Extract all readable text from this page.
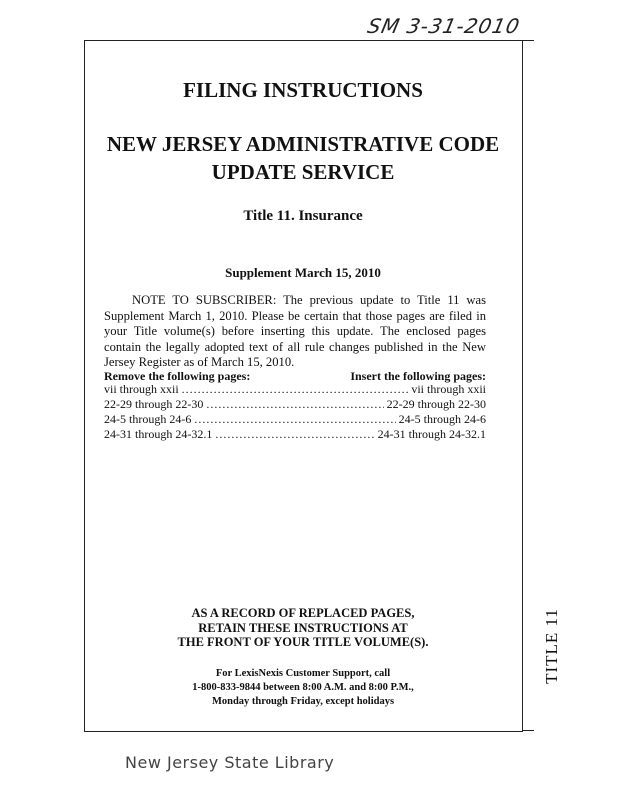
SM 3-31-2010
TITLE 11
FILING INSTRUCTIONS
NEW JERSEY ADMINISTRATIVE CODE
UPDATE SERVICE
Title 11. Insurance
Supplement March 15, 2010
NOTE TO SUBSCRIBER: The previous update to Title 11 was Supplement March 1, 2010. Please be certain that those pages are filed in your Title volume(s) before inserting this update. The enclosed pages contain the legally adopted text of all rule changes published in the New Jersey Register as of March 15, 2010.
Remove the following pages:	Insert the following pages:
vii through xxii .....	vii through xxii
22-29 through 22-30 .....	22-29 through 22-30
24-5 through 24-6 .....	24-5 through 24-6
24-31 through 24-32.1 .....	24-31 through 24-32.1
AS A RECORD OF REPLACED PAGES,
RETAIN THESE INSTRUCTIONS AT
THE FRONT OF YOUR TITLE VOLUME(S).
For LexisNexis Customer Support, call
1-800-833-9844 between 8:00 A.M. and 8:00 P.M.,
Monday through Friday, except holidays
New Jersey State Library
